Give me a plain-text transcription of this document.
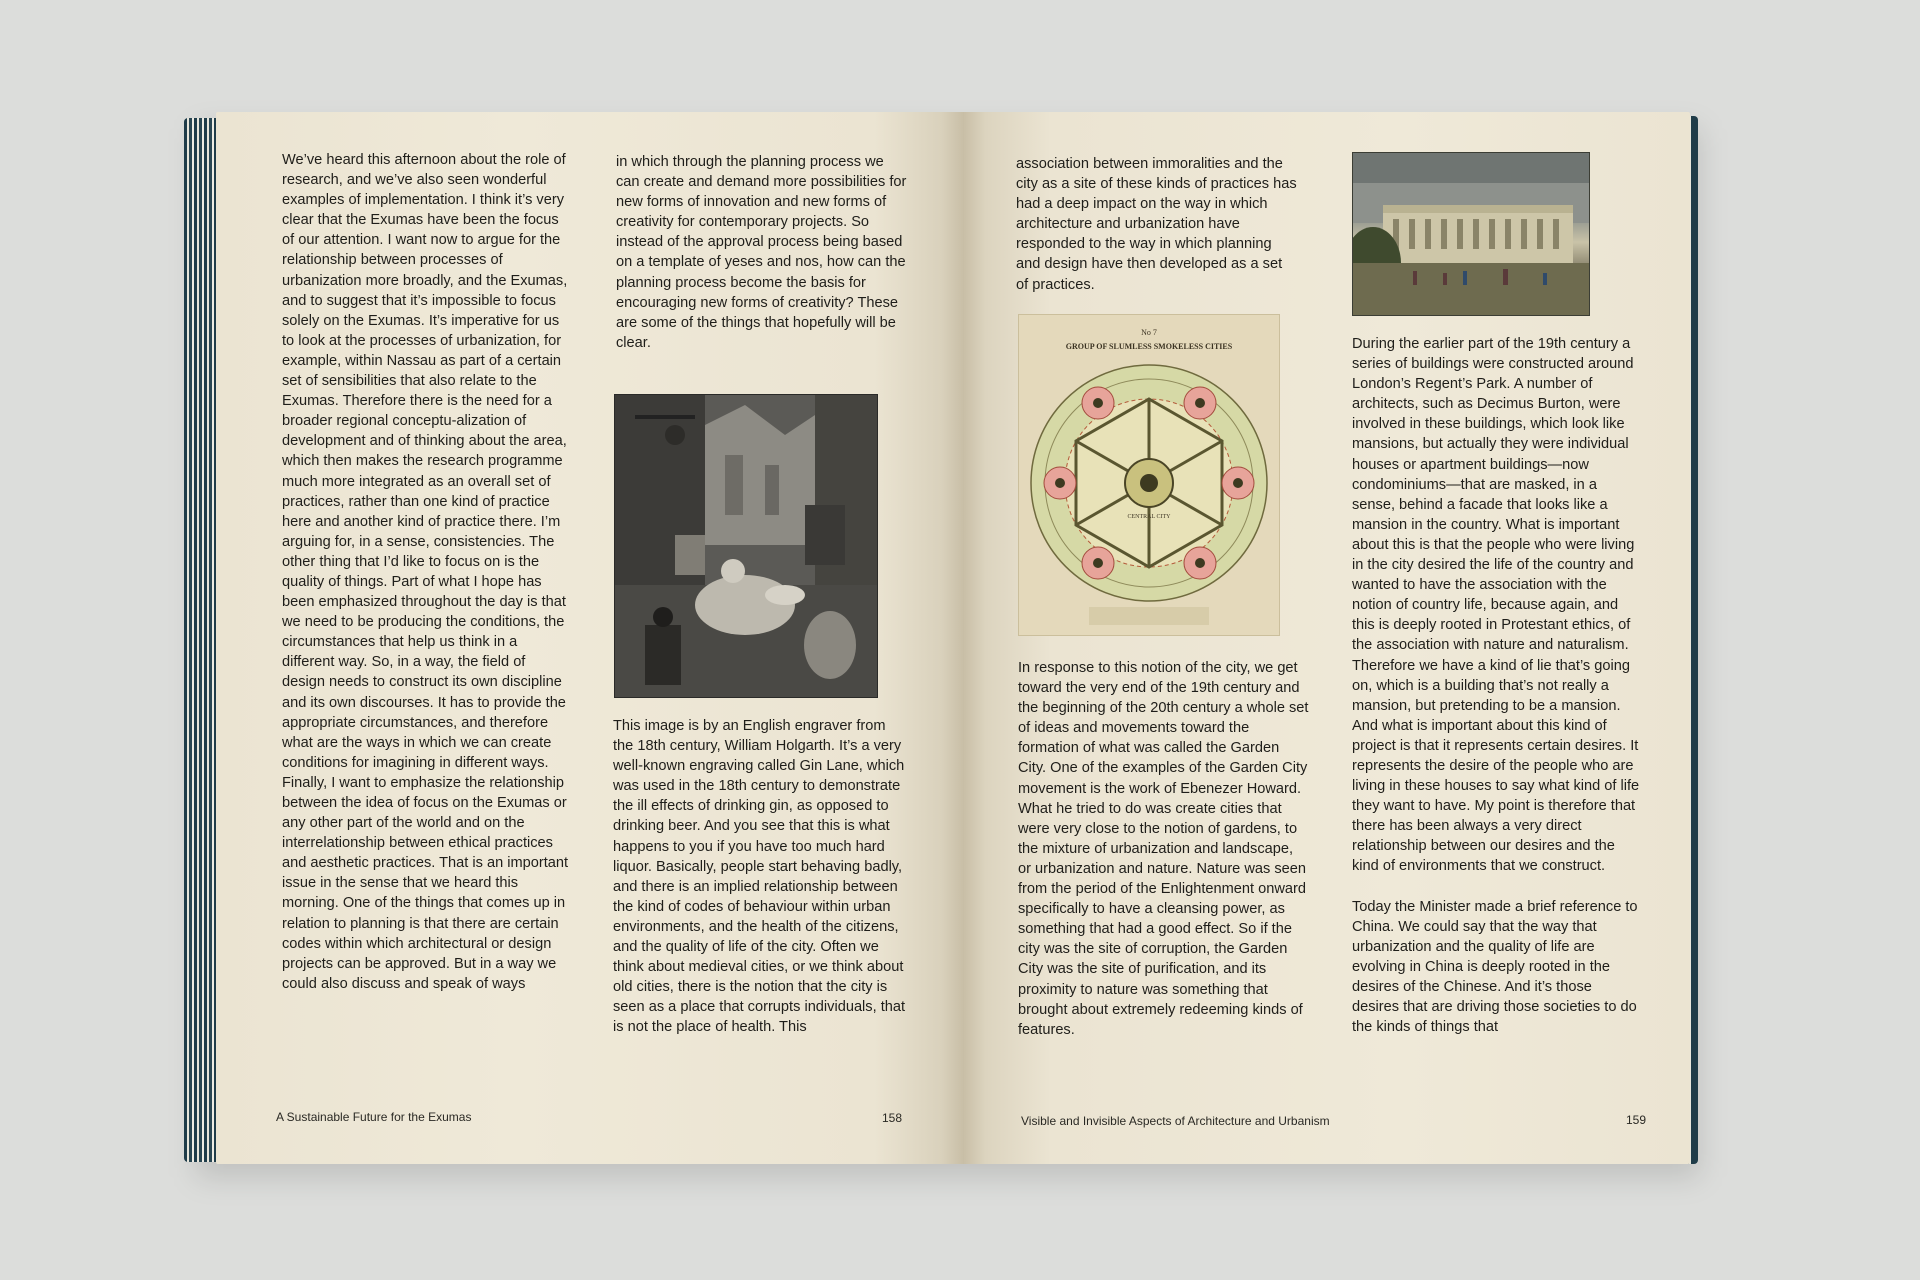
We’ve heard this afternoon about the role of research, and we’ve also seen wonderful examples of implementation. I think it’s very clear that the Exumas have been the focus of our attention. I want now to argue for the relationship between processes of urbanization more broadly, and the Exumas, and to suggest that it’s impossible to focus solely on the Exumas. It’s imperative for us to look at the processes of urbanization, for example, within Nassau as part of a certain set of sensibilities that also relate to the Exumas. Therefore there is the need for a broader regional conceptu-alization of development and of thinking about the area, which then makes the research programme much more integrated as an overall set of practices, rather than one kind of practice here and another kind of practice there. I’m arguing for, in a sense, consistencies. The other thing that I’d like to focus on is the quality of things. Part of what I hope has been emphasized throughout the day is that we need to be producing the conditions, the circumstances that help us think in a different way. So, in a way, the field of design needs to construct its own discipline and its own discourses. It has to provide the appropriate circumstances, and therefore what are the ways in which we can create conditions for imagining in different ways. Finally, I want to emphasize the relationship between the idea of focus on the Exumas or any other part of the world and on the interrelationship between ethical practices and aesthetic practices. That is an important issue in the sense that we heard this morning. One of the things that comes up in relation to planning is that there are certain codes within which architectural or design projects can be approved. But in a way we could also discuss and speak of ways

in which through the planning process we can create and demand more possibilities for new forms of innovation and new forms of creativity for contemporary projects. So instead of the approval process being based on a template of yeses and nos, how can the planning process become the basis for encouraging new forms of creativity? These are some of the things that hopefully will be clear.

This image is by an English engraver from the 18th century, William Holgarth. It’s a very well-known engraving called Gin Lane, which was used in the 18th century to demonstrate the ill effects of drinking gin, as opposed to drinking beer. And you see that this is what happens to you if you have too much hard liquor. Basically, people start behaving badly, and there is an implied relationship between the kind of codes of behaviour within urban environments, and the health of the citizens, and the quality of life of the city. Often we think about medieval cities, or we think about old cities, there is the notion that the city is seen as a place that corrupts individuals, that is not the place of health. This

A Sustainable Future for the Exumas	158

association between immoralities and the city as a site of these kinds of practices has had a deep impact on the way in which architecture and urbanization have responded to the way in which planning and design have then developed as a set of practices.

No 7
GROUP OF SLUMLESS SMOKELESS CITIES
CENTRAL CITY

In response to this notion of the city, we get toward the very end of the 19th century and the beginning of the 20th century a whole set of ideas and movements toward the formation of what was called the Garden City. One of the examples of the Garden City movement is the work of Ebenezer Howard. What he tried to do was create cities that were very close to the notion of gardens, to the mixture of urbanization and landscape, or urbanization and nature. Nature was seen from the period of the Enlightenment onward specifically to have a cleansing power, as something that had a good effect. So if the city was the site of corruption, the Garden City was the site of purification, and its proximity to nature was something that brought about extremely redeeming kinds of features.

During the earlier part of the 19th century a series of buildings were constructed around London’s Regent’s Park. A number of architects, such as Decimus Burton, were involved in these buildings, which look like mansions, but actually they were individual houses or apartment buildings—now condominiums—that are masked, in a sense, behind a facade that looks like a mansion in the country. What is important about this is that the people who were living in the city desired the life of the country and wanted to have the association with the notion of country life, because again, and this is deeply rooted in Protestant ethics, of the association with nature and naturalism. Therefore we have a kind of lie that’s going on, which is a building that’s not really a mansion, but pretending to be a mansion. And what is important about this kind of project is that it represents certain desires. It represents the desire of the people who are living in these houses to say what kind of life they want to have. My point is therefore that there has been always a very direct relationship between our desires and the kind of environments that we construct.

Today the Minister made a brief reference to China. We could say that the way that urbanization and the quality of life are evolving in China is deeply rooted in the desires of the Chinese. And it’s those desires that are driving those societies to do the kinds of things that

Visible and Invisible Aspects of Architecture and Urbanism	159
